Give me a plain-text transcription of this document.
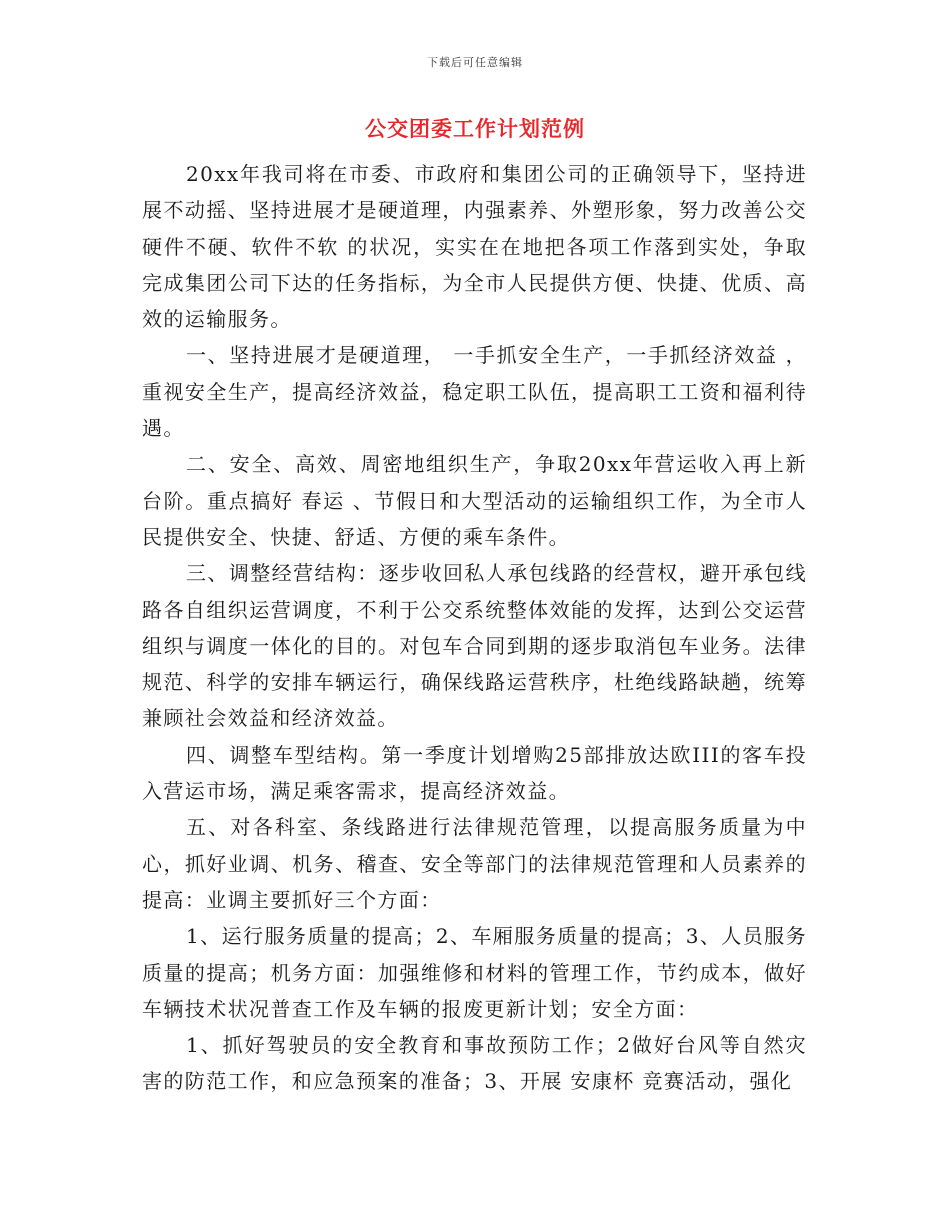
下载后可任意编辑
公交团委工作计划范例

20xx年我司将在市委、市政府和集团公司的正确领导下，坚持进展不动摇、坚持进展才是硬道理，内强素养、外塑形象，努力改善公交 硬件不硬、软件不软 的状况，实实在在地把各项工作落到实处，争取完成集团公司下达的任务指标，为全市人民提供方便、快捷、优质、高效的运输服务。

一、坚持进展才是硬道理， 一手抓安全生产，一手抓经济效益 ，重视安全生产，提高经济效益，稳定职工队伍，提高职工工资和福利待遇。

二、安全、高效、周密地组织生产，争取20xx年营运收入再上新台阶。重点搞好 春运 、节假日和大型活动的运输组织工作，为全市人民提供安全、快捷、舒适、方便的乘车条件。

三、调整经营结构：逐步收回私人承包线路的经营权，避开承包线路各自组织运营调度，不利于公交系统整体效能的发挥，达到公交运营组织与调度一体化的目的。对包车合同到期的逐步取消包车业务。法律规范、科学的安排车辆运行，确保线路运营秩序，杜绝线路缺趟，统筹兼顾社会效益和经济效益。

四、调整车型结构。第一季度计划增购25部排放达欧III的客车投入营运市场，满足乘客需求，提高经济效益。

五、对各科室、条线路进行法律规范管理，以提高服务质量为中心，抓好业调、机务、稽查、安全等部门的法律规范管理和人员素养的提高：业调主要抓好三个方面：

1、运行服务质量的提高；2、车厢服务质量的提高；3、人员服务质量的提高；机务方面：加强维修和材料的管理工作，节约成本，做好车辆技术状况普查工作及车辆的报废更新计划；安全方面：

1、抓好驾驶员的安全教育和事故预防工作；2做好台风等自然灾害的防范工作，和应急预案的准备；3、开展 安康杯 竞赛活动，强化
